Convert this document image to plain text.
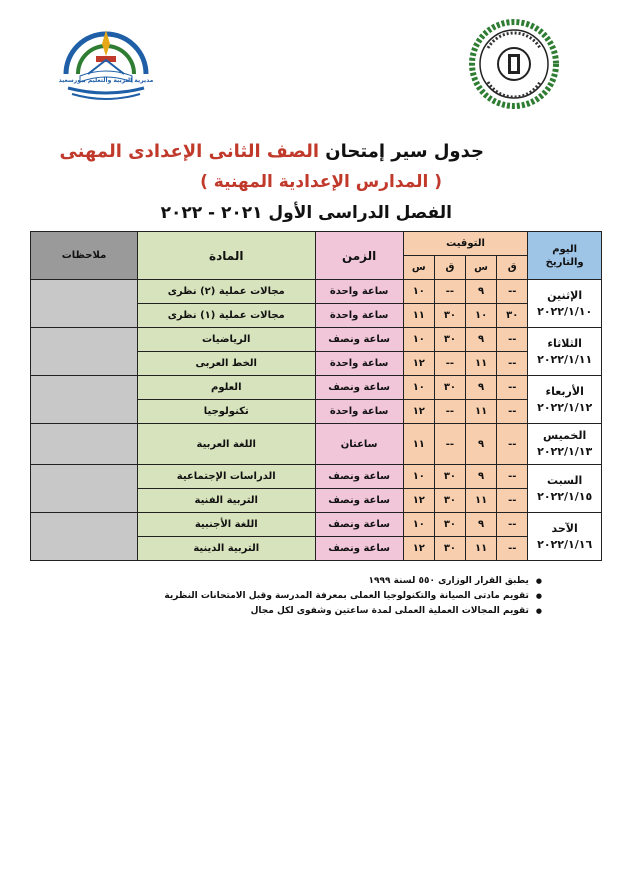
مديرية التربية والتعليم ببورسعيد
جدول سير إمتحان الصف الثانى الإعدادى المهنى
( المدارس الإعدادية المهنية )
الفصل الدراسى الأول ٢٠٢١ - ٢٠٢٢
اليوم
والتاريخ	التوقيت				الزمن	المادة	ملاحظات
	ق	س	ق	س			

الإثنين
٢٠٢٢/١/١٠	--	٩	--	١٠	ساعة واحدة	مجالات عملية (٢) نظرى	
	٣٠	١٠	٣٠	١١	ساعة واحدة	مجالات عملية (١) نظرى	

الثلاثاء
٢٠٢٢/١/١١	--	٩	٣٠	١٠	ساعة ونصف	الرياضيات	
	--	١١	--	١٢	ساعة واحدة	الخط العربى	

الأربعاء
٢٠٢٢/١/١٢	--	٩	٣٠	١٠	ساعة ونصف	العلوم	
	--	١١	--	١٢	ساعة واحدة	تكنولوجيا	

الخميس
٢٠٢٢/١/١٣	--	٩	--	١١	ساعتان	اللغة العربية	

السبت
٢٠٢٢/١/١٥	--	٩	٣٠	١٠	ساعة ونصف	الدراسات الإجتماعية	
	--	١١	٣٠	١٢	ساعة ونصف	التربية الفنية	

الآحد
٢٠٢٢/١/١٦	--	٩	٣٠	١٠	ساعة ونصف	اللغة الأجنبية	
	--	١١	٣٠	١٢	ساعة ونصف	التربية الدينية	
● يطبق القرار الوزارى ٥٥٠ لسنة ١٩٩٩
● تقويم مادتى الصيانة والتكنولوجيا العملى بمعرفة المدرسة وقبل الامتحانات النظرية
● تقويم المجالات العملية العملى لمدة ساعتين وشفوى لكل مجال
